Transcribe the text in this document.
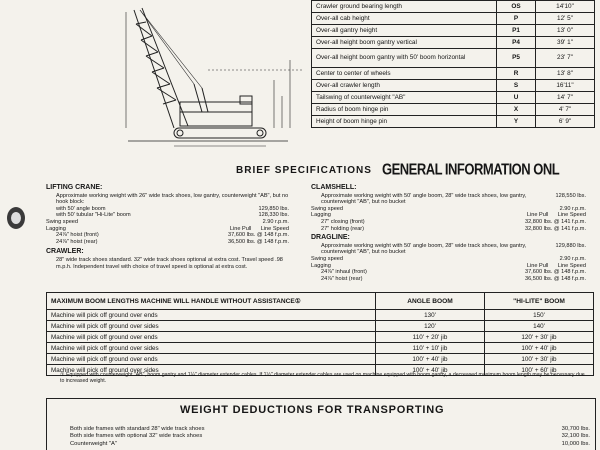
Crawler ground bearing length	OS	14'10"
Over-all cab height	P	12' 5"
Over-all gantry height	P1	13' 0"
Over-all height boom gantry vertical	P4	39' 1"
Over-all height boom gantry with 50' boom horizontal	P5	23' 7"
Center to center of wheels	R	13' 8"
Over-all crawler length	S	16'11"
Tailswing of counterweight "AB"	U	14' 7"
Radius of boom hinge pin	X	4' 7"
Height of boom hinge pin	Y	6' 9"
BRIEF SPECIFICATIONS GENERAL INFORMATION ONL
LIFTING CRANE:
Approximate working weight with 26" wide track shoes, low gantry, counterweight "AB", but no hook block:
with 50' angle boom	129,850 lbs.
with 50' tubular "Hi-Lite" boom	128,330 lbs.
Swing speed	2.90 r.p.m.
Lagging	Line Pull Line Speed
24⅞" hoist (front)	37,600 lbs. @ 148 f.p.m.
24⅞" hoist (rear)	36,500 lbs. @ 148 f.p.m.
CRAWLER:
28" wide track shoes standard. 32" wide track shoes optional at extra cost. Travel speed .98 m.p.h. Independent travel with choice of travel speed is optional at extra cost.
CLAMSHELL:
Approximate working weight with 50' angle boom, 28" wide track shoes, low gantry, counterweight "AB", but no bucket
128,550 lbs.
Swing speed	2.90 r.p.m.
Lagging	Line Pull Line Speed
27" closing (front)	32,800 lbs. @ 141 f.p.m.
27" holding (rear)	32,800 lbs. @ 141 f.p.m.
DRAGLINE:
Approximate working weight with 50' angle boom, 28" wide track shoes, low gantry, counterweight "AB", but no bucket
129,880 lbs.
Swing speed	2.90 r.p.m.
Lagging	Line Pull Line Speed
24⅞" inhaul (front)	37,600 lbs. @ 148 f.p.m.
24⅞" hoist (rear)	36,500 lbs. @ 148 f.p.m.
MAXIMUM BOOM LENGTHS MACHINE WILL HANDLE WITHOUT ASSISTANCE①	ANGLE BOOM	"HI-LITE" BOOM
Machine will pick off ground over ends	130'	150'
Machine will pick off ground over sides	120'	140'
Machine will pick off ground over ends	110' + 20' jib	120' + 30' jib
Machine will pick off ground over sides	110' + 10' jib	100' + 40' jib
Machine will pick off ground over ends	100' + 40' jib	100' + 30' jib
Machine will pick off ground over sides	100' + 40' jib	100' + 60' jib
① Equipped with counterweight "AB", boom gantry and 1¼" diameter extender cables. If 1½" diameter extender cables are used on machine equipped with boom gantry, a decreased maximum boom length may be necessary due to increased weight.
WEIGHT DEDUCTIONS FOR TRANSPORTING
Both side frames with standard 28" wide track shoes	30,700 lbs.
Both side frames with optional 32" wide track shoes	32,100 lbs.
Counterweight "A"	10,000 lbs.
